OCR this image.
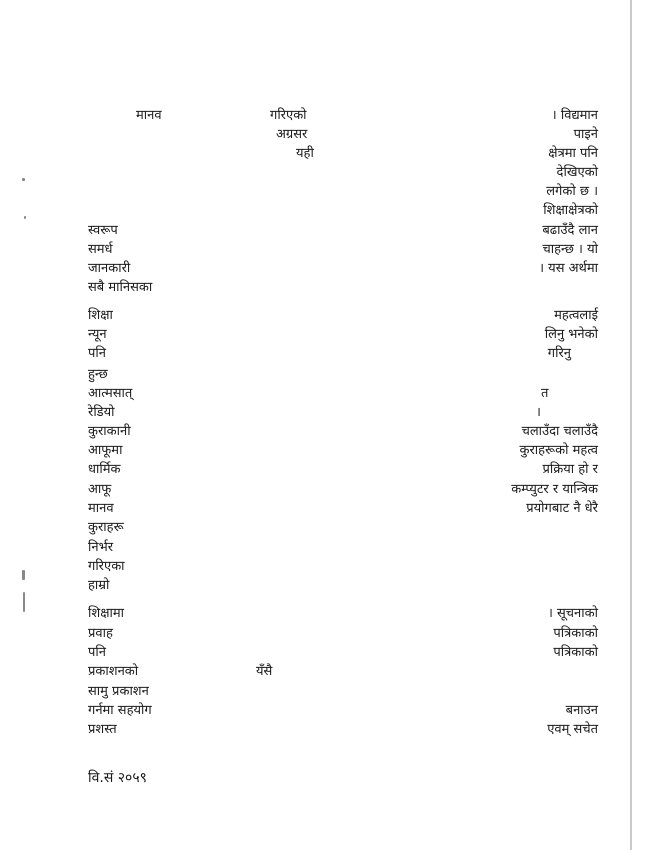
मानव
स्वरूप
समर्ध
जानकारी
सबै मानिसका
शिक्षा
न्यून
पनि
हुन्छ
आत्मसात्
रेडियो
कुराकानी
आफूमा
धार्मिक
आफू
मानव
कुराहरू
निर्भर
गरिएका
हाम्रो
शिक्षामा
प्रवाह
पनि
प्रकाशनको
सामु प्रकाशन
गर्नमा सहयोग
प्रशस्त
गरिएको
अग्रसर
यही
यँसै
। विद्यमान
पाइने
क्षेत्रमा पनि
देखिएको
लगेको छ ।
शिक्षाक्षेत्रको
बढाउँदै लान
चाहन्छ । यो
। यस अर्थमा
महत्वलाई
लिनु भनेको
गरिनु
त
।
चलाउँदा चलाउँदै
कुराहरूको महत्व
प्रक्रिया हो र
कम्प्युटर र यान्त्रिक
प्रयोगबाट नै धेरै
। सूचनाको
पत्रिकाको
पत्रिकाको
बनाउन
एवम् सचेत
वि.सं २०५९
